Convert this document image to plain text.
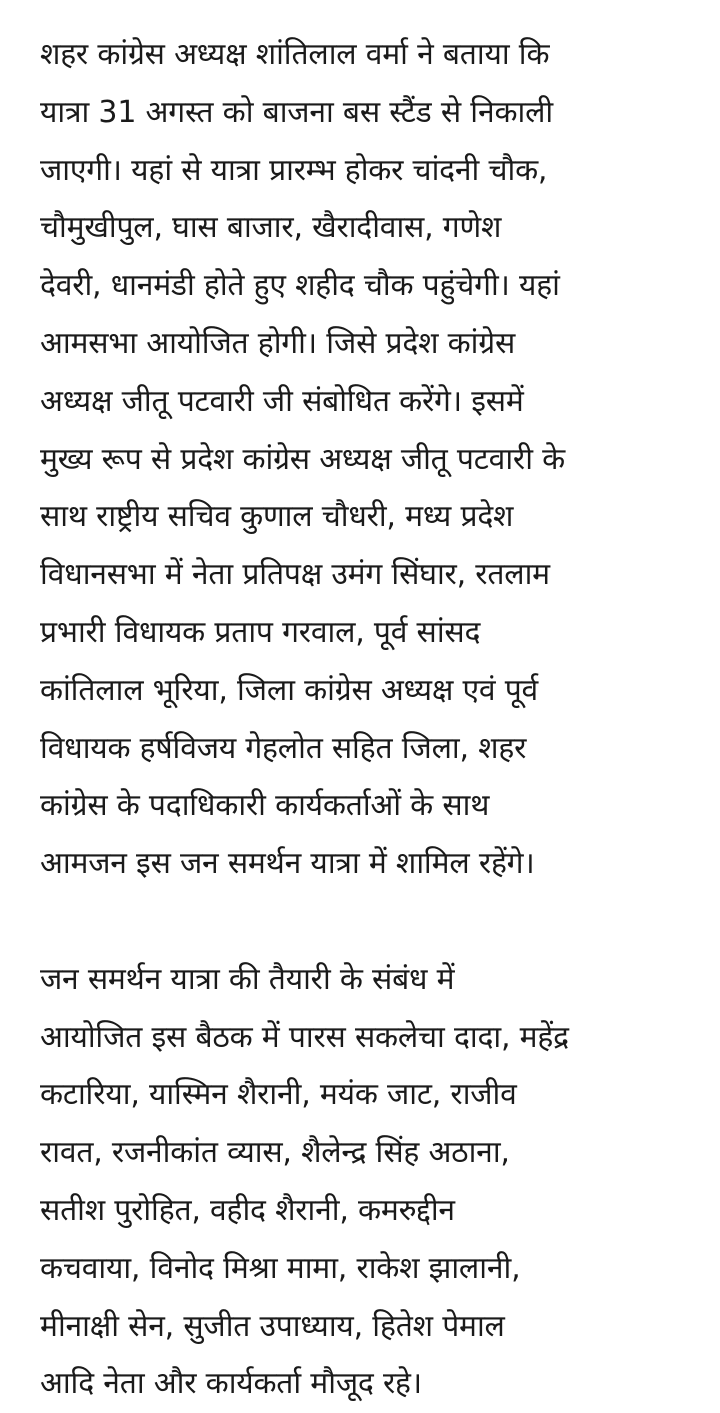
शहर कांग्रेस अध्यक्ष शांतिलाल वर्मा ने बताया कि
यात्रा 31 अगस्त को बाजना बस स्टैंड से निकाली
जाएगी। यहां से यात्रा प्रारम्भ होकर चांदनी चौक,
चौमुखीपुल, घास बाजार, खैरादीवास, गणेश
देवरी, धानमंडी होते हुए शहीद चौक पहुंचेगी। यहां
आमसभा आयोजित होगी। जिसे प्रदेश कांग्रेस
अध्यक्ष जीतू पटवारी जी संबोधित करेंगे। इसमें
मुख्य रूप से प्रदेश कांग्रेस अध्यक्ष जीतू पटवारी के
साथ राष्ट्रीय सचिव कुणाल चौधरी, मध्य प्रदेश
विधानसभा में नेता प्रतिपक्ष उमंग सिंघार, रतलाम
प्रभारी विधायक प्रताप गरवाल, पूर्व सांसद
कांतिलाल भूरिया, जिला कांग्रेस अध्यक्ष एवं पूर्व
विधायक हर्षविजय गेहलोत सहित जिला, शहर
कांग्रेस के पदाधिकारी कार्यकर्ताओं के साथ
आमजन इस जन समर्थन यात्रा में शामिल रहेंगे।
जन समर्थन यात्रा की तैयारी के संबंध में
आयोजित इस बैठक में पारस सकलेचा दादा, महेंद्र
कटारिया, यास्मिन शैरानी, मयंक जाट, राजीव
रावत, रजनीकांत व्यास, शैलेन्द्र सिंह अठाना,
सतीश पुरोहित, वहीद शैरानी, कमरुद्दीन
कचवाया, विनोद मिश्रा मामा, राकेश झालानी,
मीनाक्षी सेन, सुजीत उपाध्याय, हितेश पेमाल
आदि नेता और कार्यकर्ता मौजूद रहे।
